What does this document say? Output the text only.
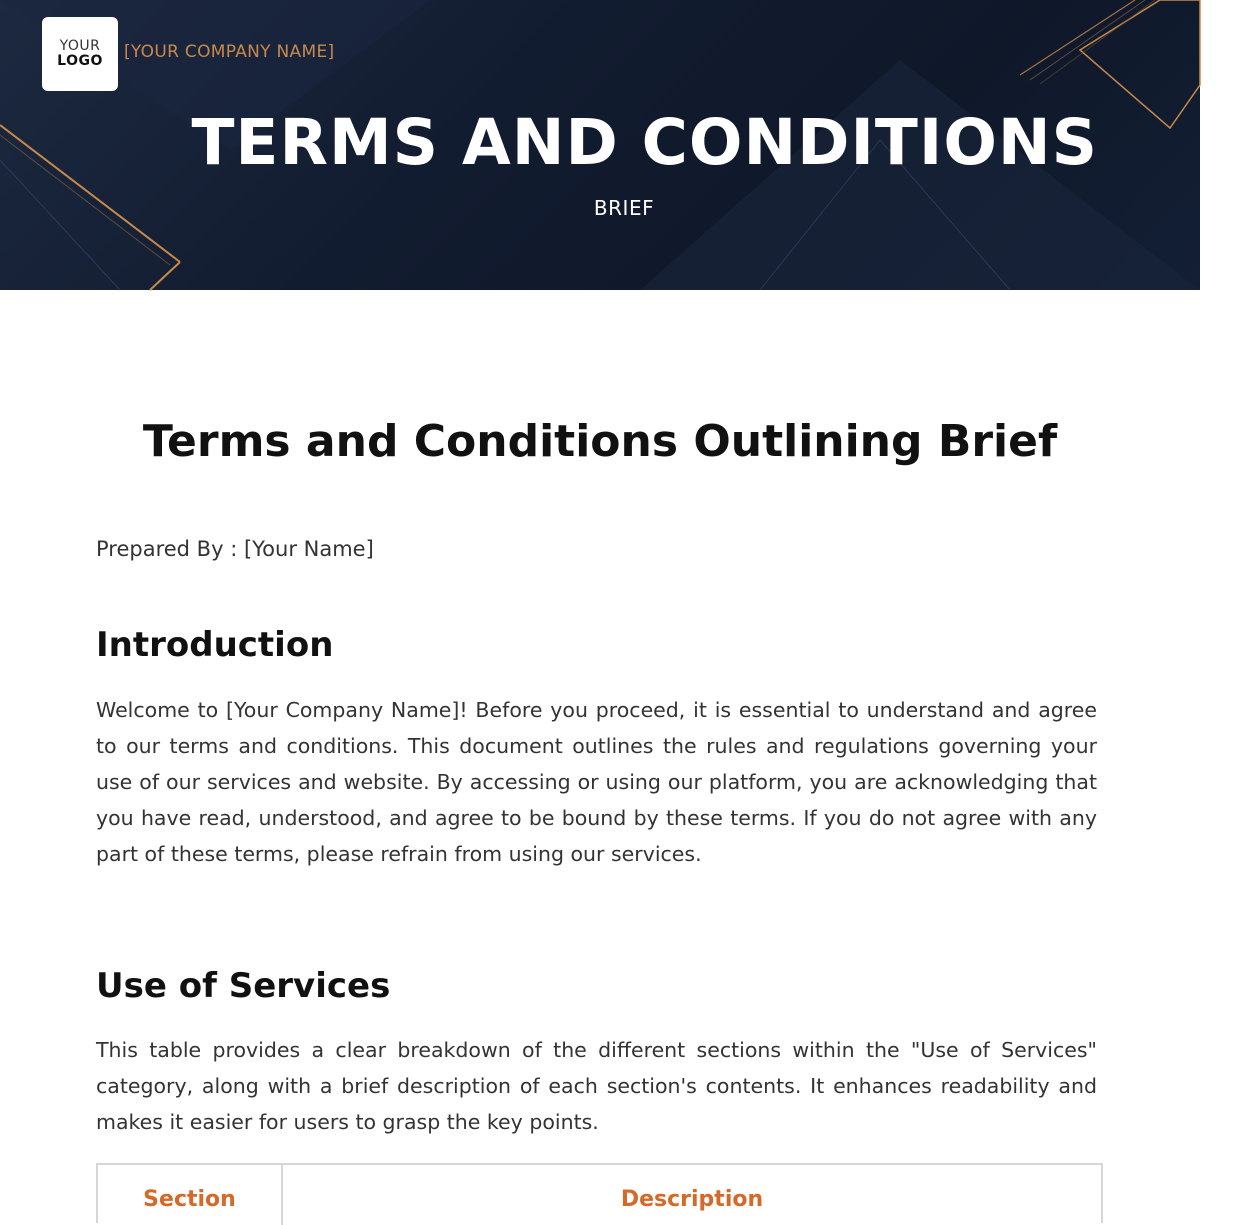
YOUR
LOGO [YOUR COMPANY NAME]
TERMS AND CONDITIONS
BRIEF
Terms and Conditions Outlining Brief
Prepared By : [Your Name]
Introduction

Welcome to [Your Company Name]! Before you proceed, it is essential to understand and agree to our terms and conditions. This document outlines the rules and regulations governing your use of our services and website. By accessing or using our platform, you are acknowledging that you have read, understood, and agree to be bound by these terms. If you do not agree with any part of these terms, please refrain from using our services.

Use of Services

This table provides a clear breakdown of the different sections within the "Use of Services" category, along with a brief description of each section's contents. It enhances readability and makes it easier for users to grasp the key points.

Section	Description
